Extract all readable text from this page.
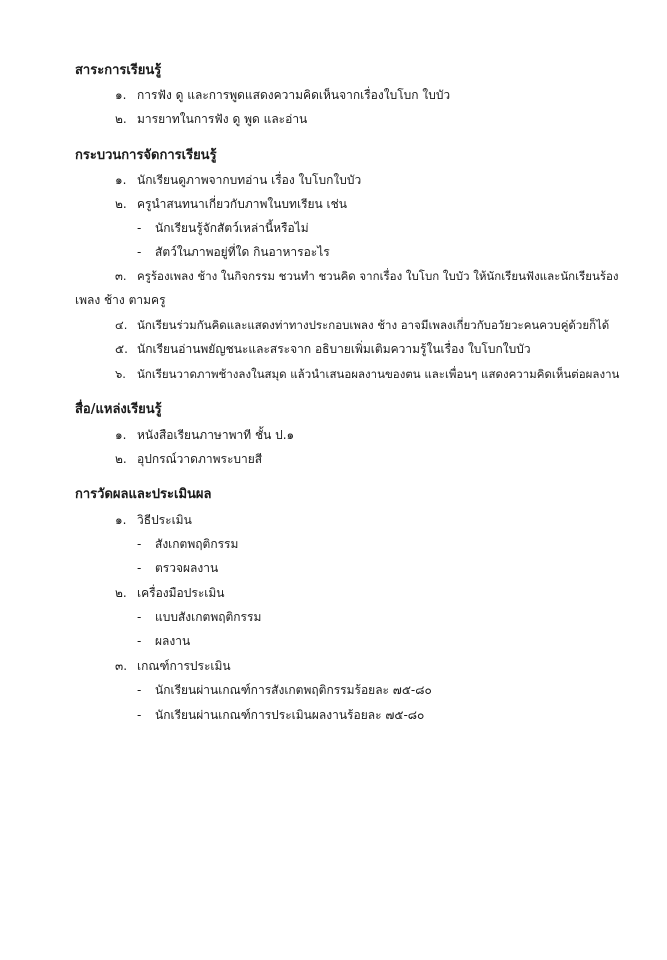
สาระการเรียนรู้
๑. การฟัง ดู และการพูดแสดงความคิดเห็นจากเรื่องใบโบก ใบบัว
๒. มารยาทในการฟัง ดู พูด และอ่าน
กระบวนการจัดการเรียนรู้
๑. นักเรียนดูภาพจากบทอ่าน เรื่อง ใบโบกใบบัว
๒. ครูนำสนทนาเกี่ยวกับภาพในบทเรียน เช่น
- นักเรียนรู้จักสัตว์เหล่านี้หรือไม่
- สัตว์ในภาพอยู่ที่ใด กินอาหารอะไร
๓. ครูร้องเพลง ช้าง ในกิจกรรม ชวนทำ ชวนคิด จากเรื่อง ใบโบก ใบบัว ให้นักเรียนฟังและนักเรียนร้อง
เพลง ช้าง ตามครู
๔. นักเรียนร่วมกันคิดและแสดงท่าทางประกอบเพลง ช้าง อาจมีเพลงเกี่ยวกับอวัยวะคนควบคู่ด้วยก็ได้
๕. นักเรียนอ่านพยัญชนะและสระจาก อธิบายเพิ่มเติมความรู้ในเรื่อง ใบโบกใบบัว
๖. นักเรียนวาดภาพช้างลงในสมุด แล้วนำเสนอผลงานของตน และเพื่อนๆ แสดงความคิดเห็นต่อผลงาน
สื่อ/แหล่งเรียนรู้
๑. หนังสือเรียนภาษาพาที ชั้น ป.๑
๒. อุปกรณ์วาดภาพระบายสี
การวัดผลและประเมินผล
๑. วิธีประเมิน
- สังเกตพฤติกรรม
- ตรวจผลงาน
๒. เครื่องมือประเมิน
- แบบสังเกตพฤติกรรม
- ผลงาน
๓. เกณฑ์การประเมิน
- นักเรียนผ่านเกณฑ์การสังเกตพฤติกรรมร้อยละ ๗๕-๘๐
- นักเรียนผ่านเกณฑ์การประเมินผลงานร้อยละ ๗๕-๘๐
